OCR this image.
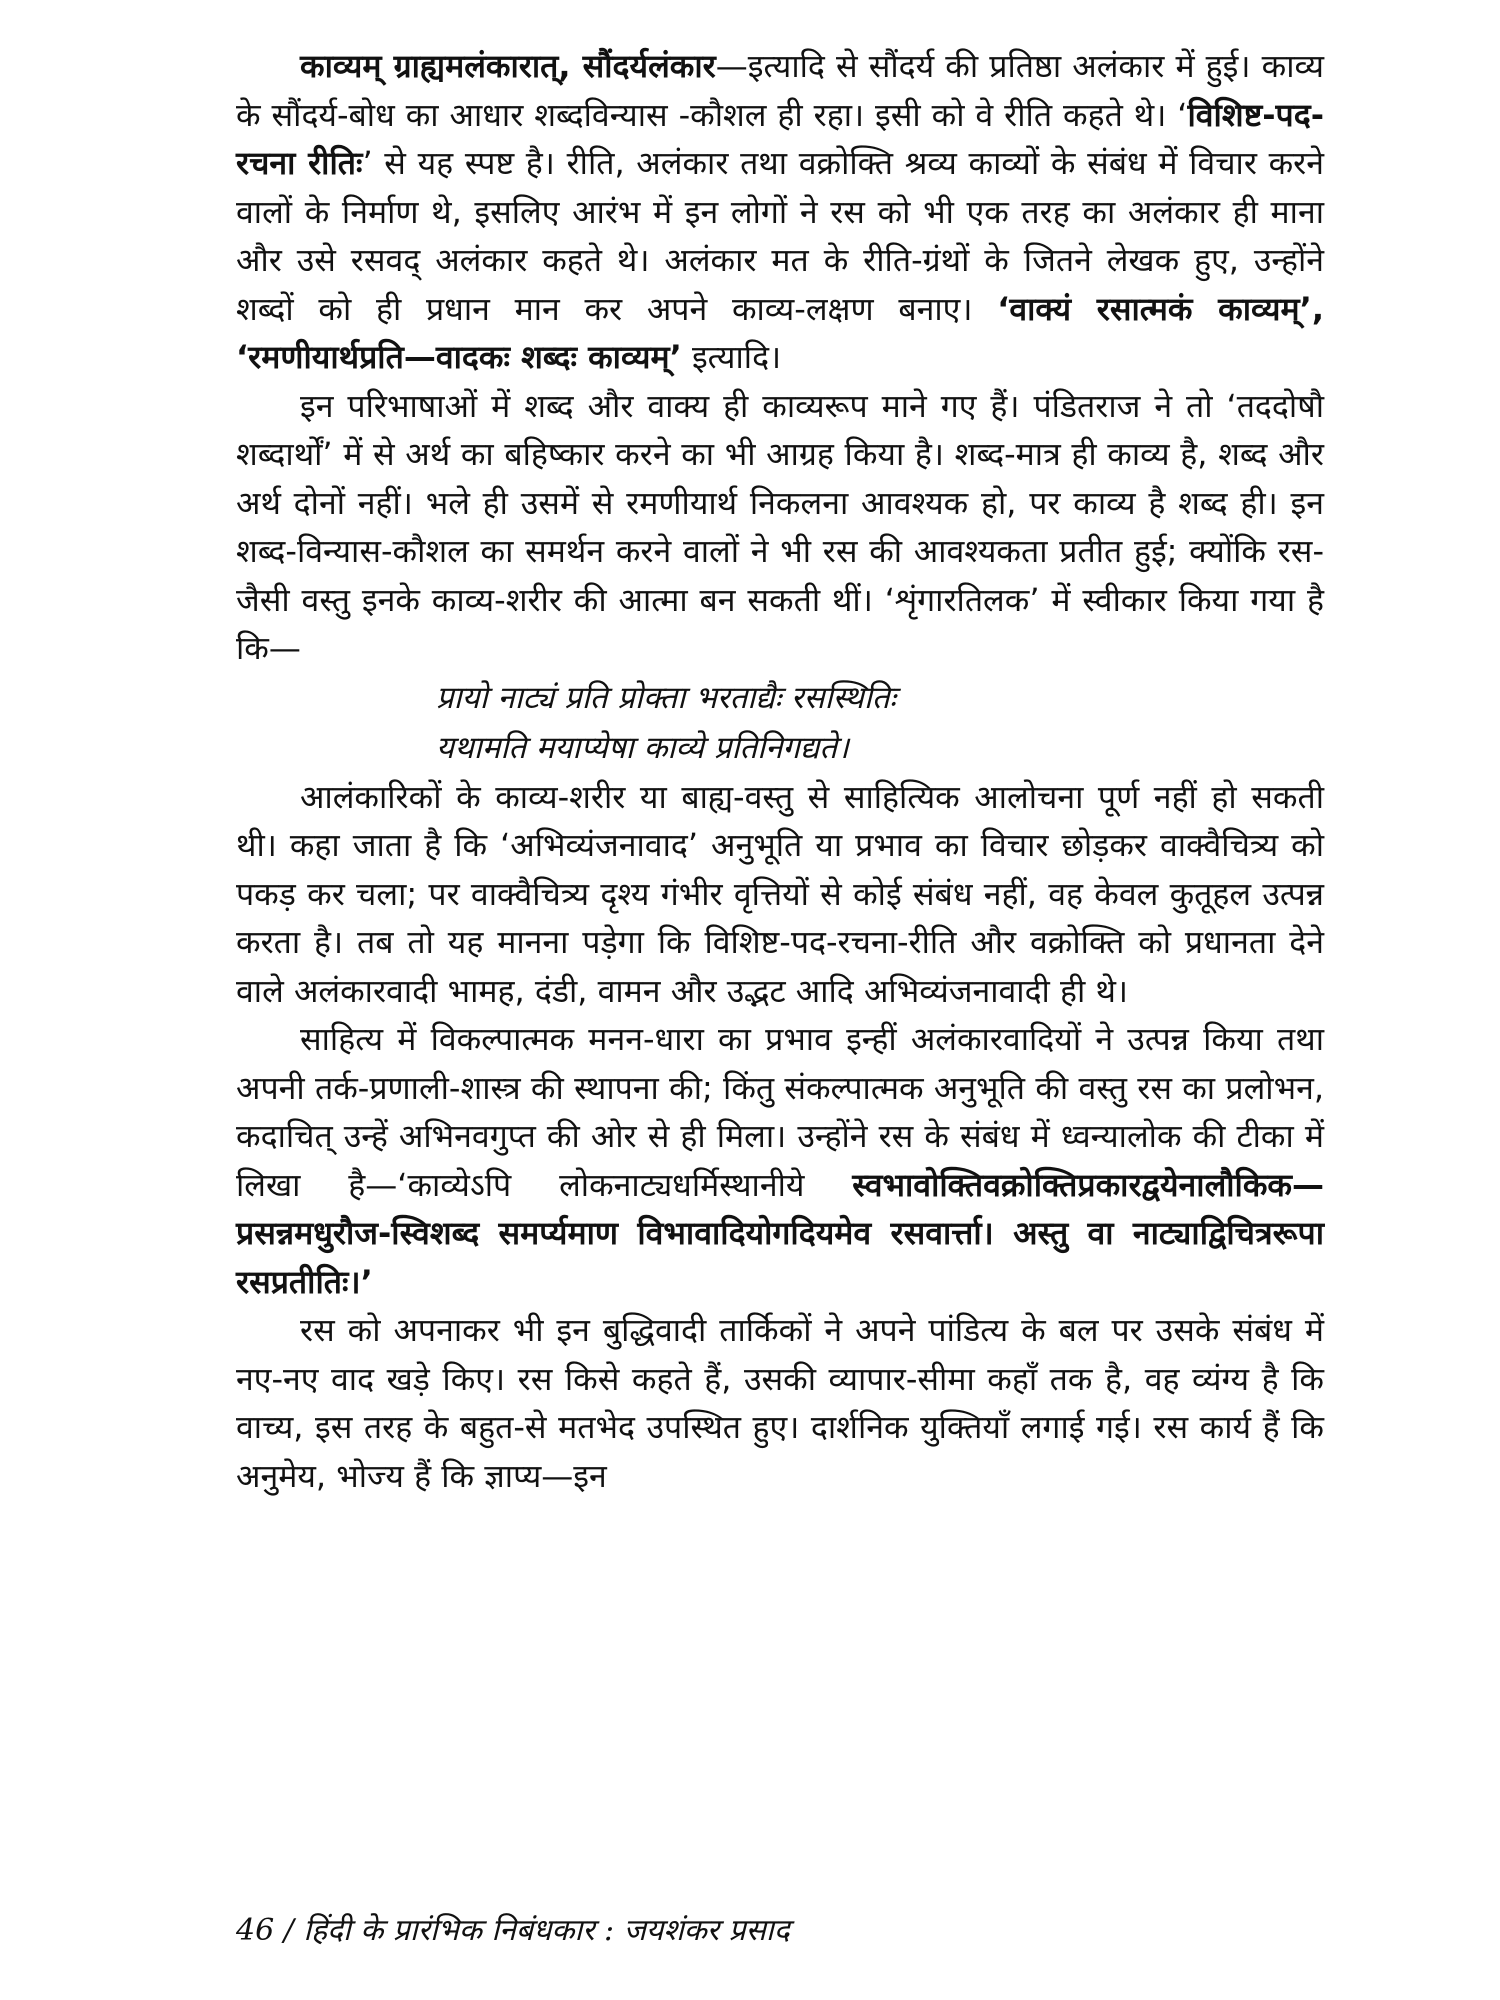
काव्यम् ग्राह्यमलंकारात्, सौंदर्यलंकार—इत्यादि से सौंदर्य की प्रतिष्ठा अलंकार में हुई। काव्य के सौंदर्य-बोध का आधार शब्दविन्यास -कौशल ही रहा। इसी को वे रीति कहते थे। ‘विशिष्ट-पद-रचना रीतिः’ से यह स्पष्ट है। रीति, अलंकार तथा वक्रोक्ति श्रव्य काव्यों के संबंध में विचार करने वालों के निर्माण थे, इसलिए आरंभ में इन लोगों ने रस को भी एक तरह का अलंकार ही माना और उसे रसवद् अलंकार कहते थे। अलंकार मत के रीति-ग्रंथों के जितने लेखक हुए, उन्होंने शब्दों को ही प्रधान मान कर अपने काव्य-लक्षण बनाए। ‘वाक्यं रसात्मकं काव्यम्’, ‘रमणीयार्थप्रति—वादकः शब्दः काव्यम्’ इत्यादि।

इन परिभाषाओं में शब्द और वाक्य ही काव्यरूप माने गए हैं। पंडितराज ने तो ‘तददोषौ शब्दार्थों’ में से अर्थ का बहिष्कार करने का भी आग्रह किया है। शब्द-मात्र ही काव्य है, शब्द और अर्थ दोनों नहीं। भले ही उसमें से रमणीयार्थ निकलना आवश्यक हो, पर काव्य है शब्द ही। इन शब्द-विन्यास-कौशल का समर्थन करने वालों ने भी रस की आवश्यकता प्रतीत हुई; क्योंकि रस-जैसी वस्तु इनके काव्य-शरीर की आत्मा बन सकती थीं। ‘शृंगारतिलक’ में स्वीकार किया गया है कि—

प्रायो नाट्यं प्रति प्रोक्ता भरताद्यैः रसस्थितिः

यथामति मयाप्येषा काव्ये प्रतिनिगद्यते।

आलंकारिकों के काव्य-शरीर या बाह्य-वस्तु से साहित्यिक आलोचना पूर्ण नहीं हो सकती थी। कहा जाता है कि ‘अभिव्यंजनावाद’ अनुभूति या प्रभाव का विचार छोड़कर वाक्वैचित्र्य को पकड़ कर चला; पर वाक्वैचित्र्य दृश्य गंभीर वृत्तियों से कोई संबंध नहीं, वह केवल कुतूहल उत्पन्न करता है। तब तो यह मानना पड़ेगा कि विशिष्ट-पद-रचना-रीति और वक्रोक्ति को प्रधानता देने वाले अलंकारवादी भामह, दंडी, वामन और उद्भट आदि अभिव्यंजनावादी ही थे।

साहित्य में विकल्पात्मक मनन-धारा का प्रभाव इन्हीं अलंकारवादियों ने उत्पन्न किया तथा अपनी तर्क-प्रणाली-शास्त्र की स्थापना की; किंतु संकल्पात्मक अनुभूति की वस्तु रस का प्रलोभन, कदाचित् उन्हें अभिनवगुप्त की ओर से ही मिला। उन्होंने रस के संबंध में ध्वन्यालोक की टीका में लिखा है—‘काव्येऽपि लोकनाट्यधर्मिस्थानीये स्वभावोक्तिवक्रोक्तिप्रकारद्वयेनालौकिक—प्रसन्नमधुरौज-स्विशब्द समर्प्यमाण विभावादियोगदियमेव रसवार्त्ता। अस्तु वा नाट्याद्विचित्ररूपा रसप्रतीतिः।’

रस को अपनाकर भी इन बुद्धिवादी तार्किकों ने अपने पांडित्य के बल पर उसके संबंध में नए-नए वाद खड़े किए। रस किसे कहते हैं, उसकी व्यापार-सीमा कहाँ तक है, वह व्यंग्य है कि वाच्य, इस तरह के बहुत-से मतभेद उपस्थित हुए। दार्शनिक युक्तियाँ लगाई गई। रस कार्य हैं कि अनुमेय, भोज्य हैं कि ज्ञाप्य—इन

46 / हिंदी के प्रारंभिक निबंधकार : जयशंकर प्रसाद
